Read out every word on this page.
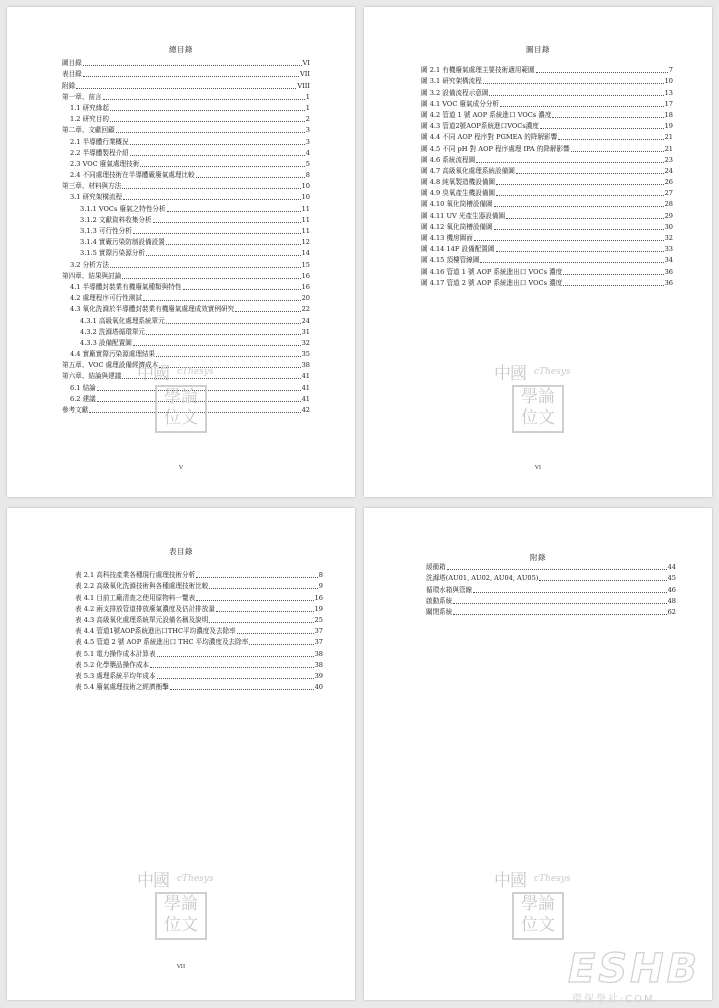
總目錄
圖目錄	VI
表目錄	VII
附錄	VIII
第一章、前言	1
1.1 研究緣起	1
1.2 研究目的	2
第二章、文獻回顧	3
2.1 半導體行業概況	3
2.2 半導體製程介紹	4
2.3 VOC 廢氣處理技術	5
2.4 不同處理技術在半導體廠廢氣處理比較	8
第三章、材料與方法	10
3.1 研究架構流程	10
3.1.1 VOCs 廢氣之特性分析	11
3.1.2 文獻資料收集分析	11
3.1.3 可行性分析	11
3.1.4 實廠污染防制設備設置	12
3.1.5 實際污染源分析	14
3.2 分析方法	15
第四章、結果與討論	16
4.1 半導體封裝業有機廢氣種類與特性	16
4.2 處理程序可行性測試	20
4.3 氧化洗滌於半導體封裝業有機廢氣處理成效實例研究	22
4.3.1 高級氧化處理系統單元	24
4.3.2 洗滌塔循環單元	31
4.3.3 設備配置圖	32
4.4 實廠實際污染源處理結果	35
第五章、VOC 處理設備經濟成本	38
第六章、結論與建議	41
6.1 結論	41
6.2 建議	41
參考文獻	42
中國 cThesys
學論位文
V
圖目錄
圖 2.1 有機廢氣處理主要技術適用範圍	7
圖 3.1 研究架構流程	10
圖 3.2 設備流程示意圖	13
圖 4.1 VOC 廢氣成分分析	17
圖 4.2 管道 1 號 AOP 系統進口 VOCs 濃度	18
圖 4.3 管道2號AOP系統進口VOCs濃度	19
圖 4.4 不同 AOP 程序對 PGMEA 的降解影響	21
圖 4.5 不同 pH 對 AOP 程序處理 IPA 的降解影響	21
圖 4.6 系統流程圖	23
圖 4.7 高級氧化處理系統設備圖	24
圖 4.8 純氧製造機設備圖	26
圖 4.9 臭氧產生機設備圖	27
圖 4.10 氧化筒槽設備圖	28
圖 4.11 UV 光產生器設備圖	29
圖 4.12 氧化筒槽設備圖	30
圖 4.13 機房圖面	32
圖 4.14 14F 設備配置圖	33
圖 4.15 頂樓管線圖	34
圖 4.16 管道 1 號 AOP 系統進出口 VOCs 濃度	36
圖 4.17 管道 2 號 AOP 系統進出口 VOCs 濃度	36
中國 cThesys
學論位文
VI
表目錄
表 2.1 高科技產業各種現行處理技術分析	8
表 2.2 高級氧化洗滌技術與各種處理技術比較	9
表 4.1 目前工廠清查之使用原物料一覽表	16
表 4.2 兩支排放管道排放廢氣濃度及估計排放量	19
表 4.3 高級氧化處理系統單元設備名稱及說明	25
表 4.4 管道1號AOP系統進出口THC平均濃度及去除率	37
表 4.5 管道 2 號 AOP 系統進出口 THC 平均濃度及去除率	37
表 5.1 電力操作成本計算表	38
表 5.2 化學藥品操作成本	38
表 5.3 處理系統平均年成本	39
表 5.4 廢氣處理技術之經濟衡擊	40
中國 cThesys
學論位文
VII
附錄
緩衝箱	44
洗滌塔(AU01, AU02, AU04, AU05)	45
循環水箱與管線	46
啟動系統	48
關閉系統	62
中國 cThesys
學論位文
ESHB
環保學社·COM
